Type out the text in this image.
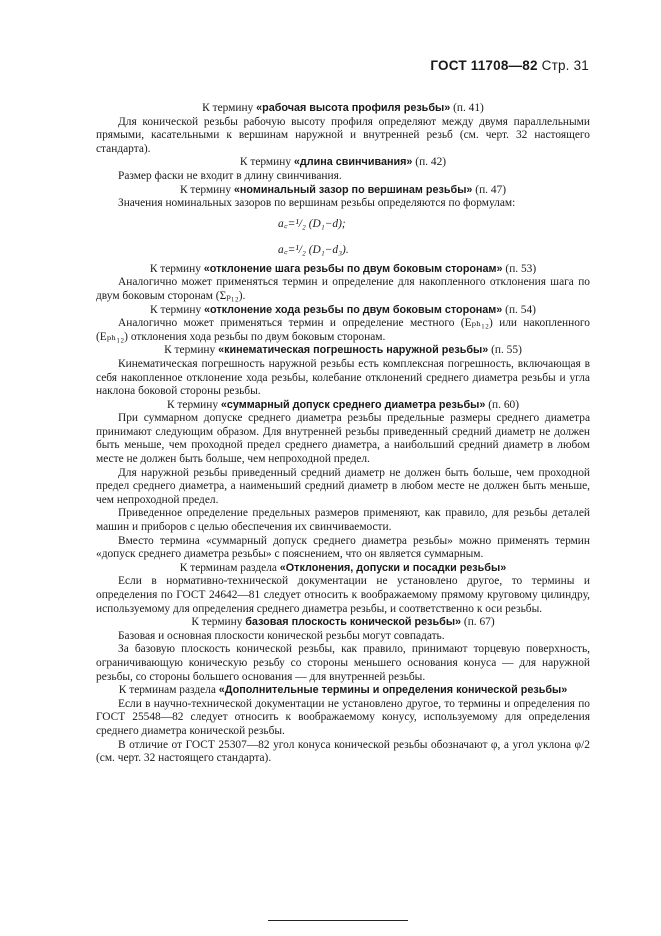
ГОСТ 11708—82 Стр. 31

К термину «рабочая высота профиля резьбы» (п. 41)

Для конической резьбы рабочую высоту профиля определяют между двумя параллельными прямыми, касательными к вершинам наружной и внутренней резьб (см. черт. 32 настоящего стандарта).

К термину «длина свинчивания» (п. 42)

Размер фаски не входит в длину свинчивания.

К термину «номинальный зазор по вершинам резьбы» (п. 47)

Значения номинальных зазоров по вершинам резьбы определяются по формулам:

a꜀=¹/₂ (D₁−d);

a꜀=¹/₂ (D₁−d₃).

К термину «отклонение шага резьбы по двум боковым сторонам» (п. 53)

Аналогично может применяться термин и определение для накопленного отклонения шага по двум боковым сторонам (Σₚ₁₂).

К термину «отклонение хода резьбы по двум боковым сторонам» (п. 54)

Аналогично может применяться термин и определение местного (Eₚₕ₁₂) или накопленного (Eₚₕ₁₂) отклонения хода резьбы по двум боковым сторонам.

К термину «кинематическая погрешность наружной резьбы» (п. 55)

Кинематическая погрешность наружной резьбы есть комплексная погрешность, включающая в себя накопленное отклонение хода резьбы, колебание отклонений среднего диаметра резьбы и угла наклона боковой стороны резьбы.

К термину «суммарный допуск среднего диаметра резьбы» (п. 60)

При суммарном допуске среднего диаметра резьбы предельные размеры среднего диаметра принимают следующим образом. Для внутренней резьбы приведенный средний диаметр не должен быть меньше, чем проходной предел среднего диаметра, а наибольший средний диаметр в любом месте не должен быть больше, чем непроходной предел.

Для наружной резьбы приведенный средний диаметр не должен быть больше, чем проходной предел среднего диаметра, а наименьший средний диаметр в любом месте не должен быть меньше, чем непроходной предел.

Приведенное определение предельных размеров применяют, как правило, для резьбы деталей машин и приборов с целью обеспечения их свинчиваемости.

Вместо термина «суммарный допуск среднего диаметра резьбы» можно применять термин «допуск среднего диаметра резьбы» с пояснением, что он является суммарным.

К терминам раздела «Отклонения, допуски и посадки резьбы»

Если в нормативно-технической документации не установлено другое, то термины и определения по ГОСТ 24642—81 следует относить к воображаемому прямому круговому цилиндру, используемому для определения среднего диаметра резьбы, и соответственно к оси резьбы.

К термину базовая плоскость конической резьбы» (п. 67)

Базовая и основная плоскости конической резьбы могут совпадать.

За базовую плоскость конической резьбы, как правило, принимают торцевую поверхность, ограничивающую коническую резьбу со стороны меньшего основания конуса — для наружной резьбы, со стороны большего основания — для внутренней резьбы.

К терминам раздела «Дополнительные термины и определения конической резьбы»

Если в научно-технической документации не установлено другое, то термины и определения по ГОСТ 25548—82 следует относить к воображаемому конусу, используемому для определения среднего диаметра конической резьбы.

В отличие от ГОСТ 25307—82 угол конуса конической резьбы обозначают φ, а угол уклона φ/2 (см. черт. 32 настоящего стандарта).
